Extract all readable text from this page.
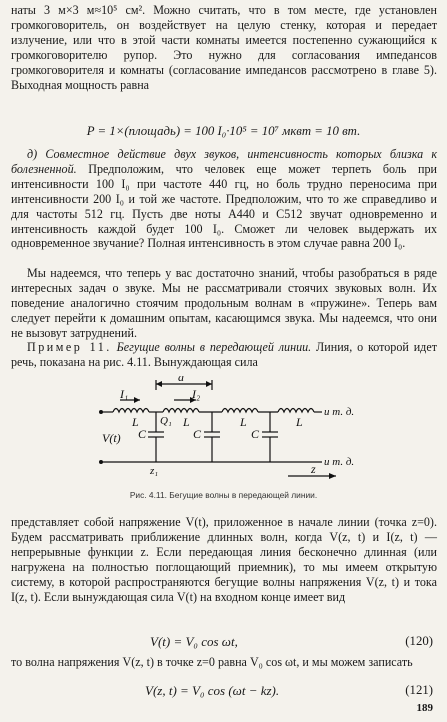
наты 3 м×3 м≈10⁵ см². Можно считать, что в том месте, где установлен громкоговоритель, он воздействует на целую стенку, которая и передает излучение, или что в этой части комнаты имеется постепенно сужающийся к громкоговорителю рупор. Это нужно для согласования импедансов громкоговорителя и комнаты (согласование импедансов рассмотрено в главе 5). Выходная мощность равна

P = 1×(площадь) = 100 I₀·10⁵ = 10⁷ мквт = 10 вт.

д) Совместное действие двух звуков, интенсивность которых близка к болезненной. Предположим, что человек еще может терпеть боль при интенсивности 100 I₀ при частоте 440 гц, но боль трудно переносима при интенсивности 200 I₀ и той же частоте. Предположим, что то же справедливо и для частоты 512 гц. Пусть две ноты A440 и C512 звучат одновременно и интенсивность каждой будет 100 I₀. Сможет ли человек выдержать их одновременное звучание? Полная интенсивность в этом случае равна 200 I₀.

Мы надеемся, что теперь у вас достаточно знаний, чтобы разобраться в ряде интересных задач о звуке. Мы не рассматривали стоячих звуковых волн. Их поведение аналогично стоячим продольным волнам в «пружине». Теперь вам следует перейти к домашним опытам, касающимся звука. Мы надеемся, что они не вызовут затруднений.

Пример 11. Бегущие волны в передающей линии. Линия, о которой идет речь, показана на рис. 4.11. Вынуждающая сила

a
I₁	I₂
L	L	L	L
C	C	C
Q₁
z₁	z
V(t)
и т. д.
и т. д.
Рис. 4.11. Бегущие волны в передающей линии.

представляет собой напряжение V(t), приложенное в начале линии (точка z=0). Будем рассматривать приближение длинных волн, когда V(z, t) и I(z, t) — непрерывные функции z. Если передающая линия бесконечно длинная (или нагружена на полностью поглощающий приемник), то мы имеем открытую систему, в которой распространяются бегущие волны напряжения V(z, t) и тока I(z, t). Если вынуждающая сила V(t) на входном конце имеет вид

V(t) = V₀ cos ωt,	(120)

то волна напряжения V(z, t) в точке z=0 равна V₀ cos ωt, и мы можем записать

V(z, t) = V₀ cos (ωt − kz).	(121)
189
